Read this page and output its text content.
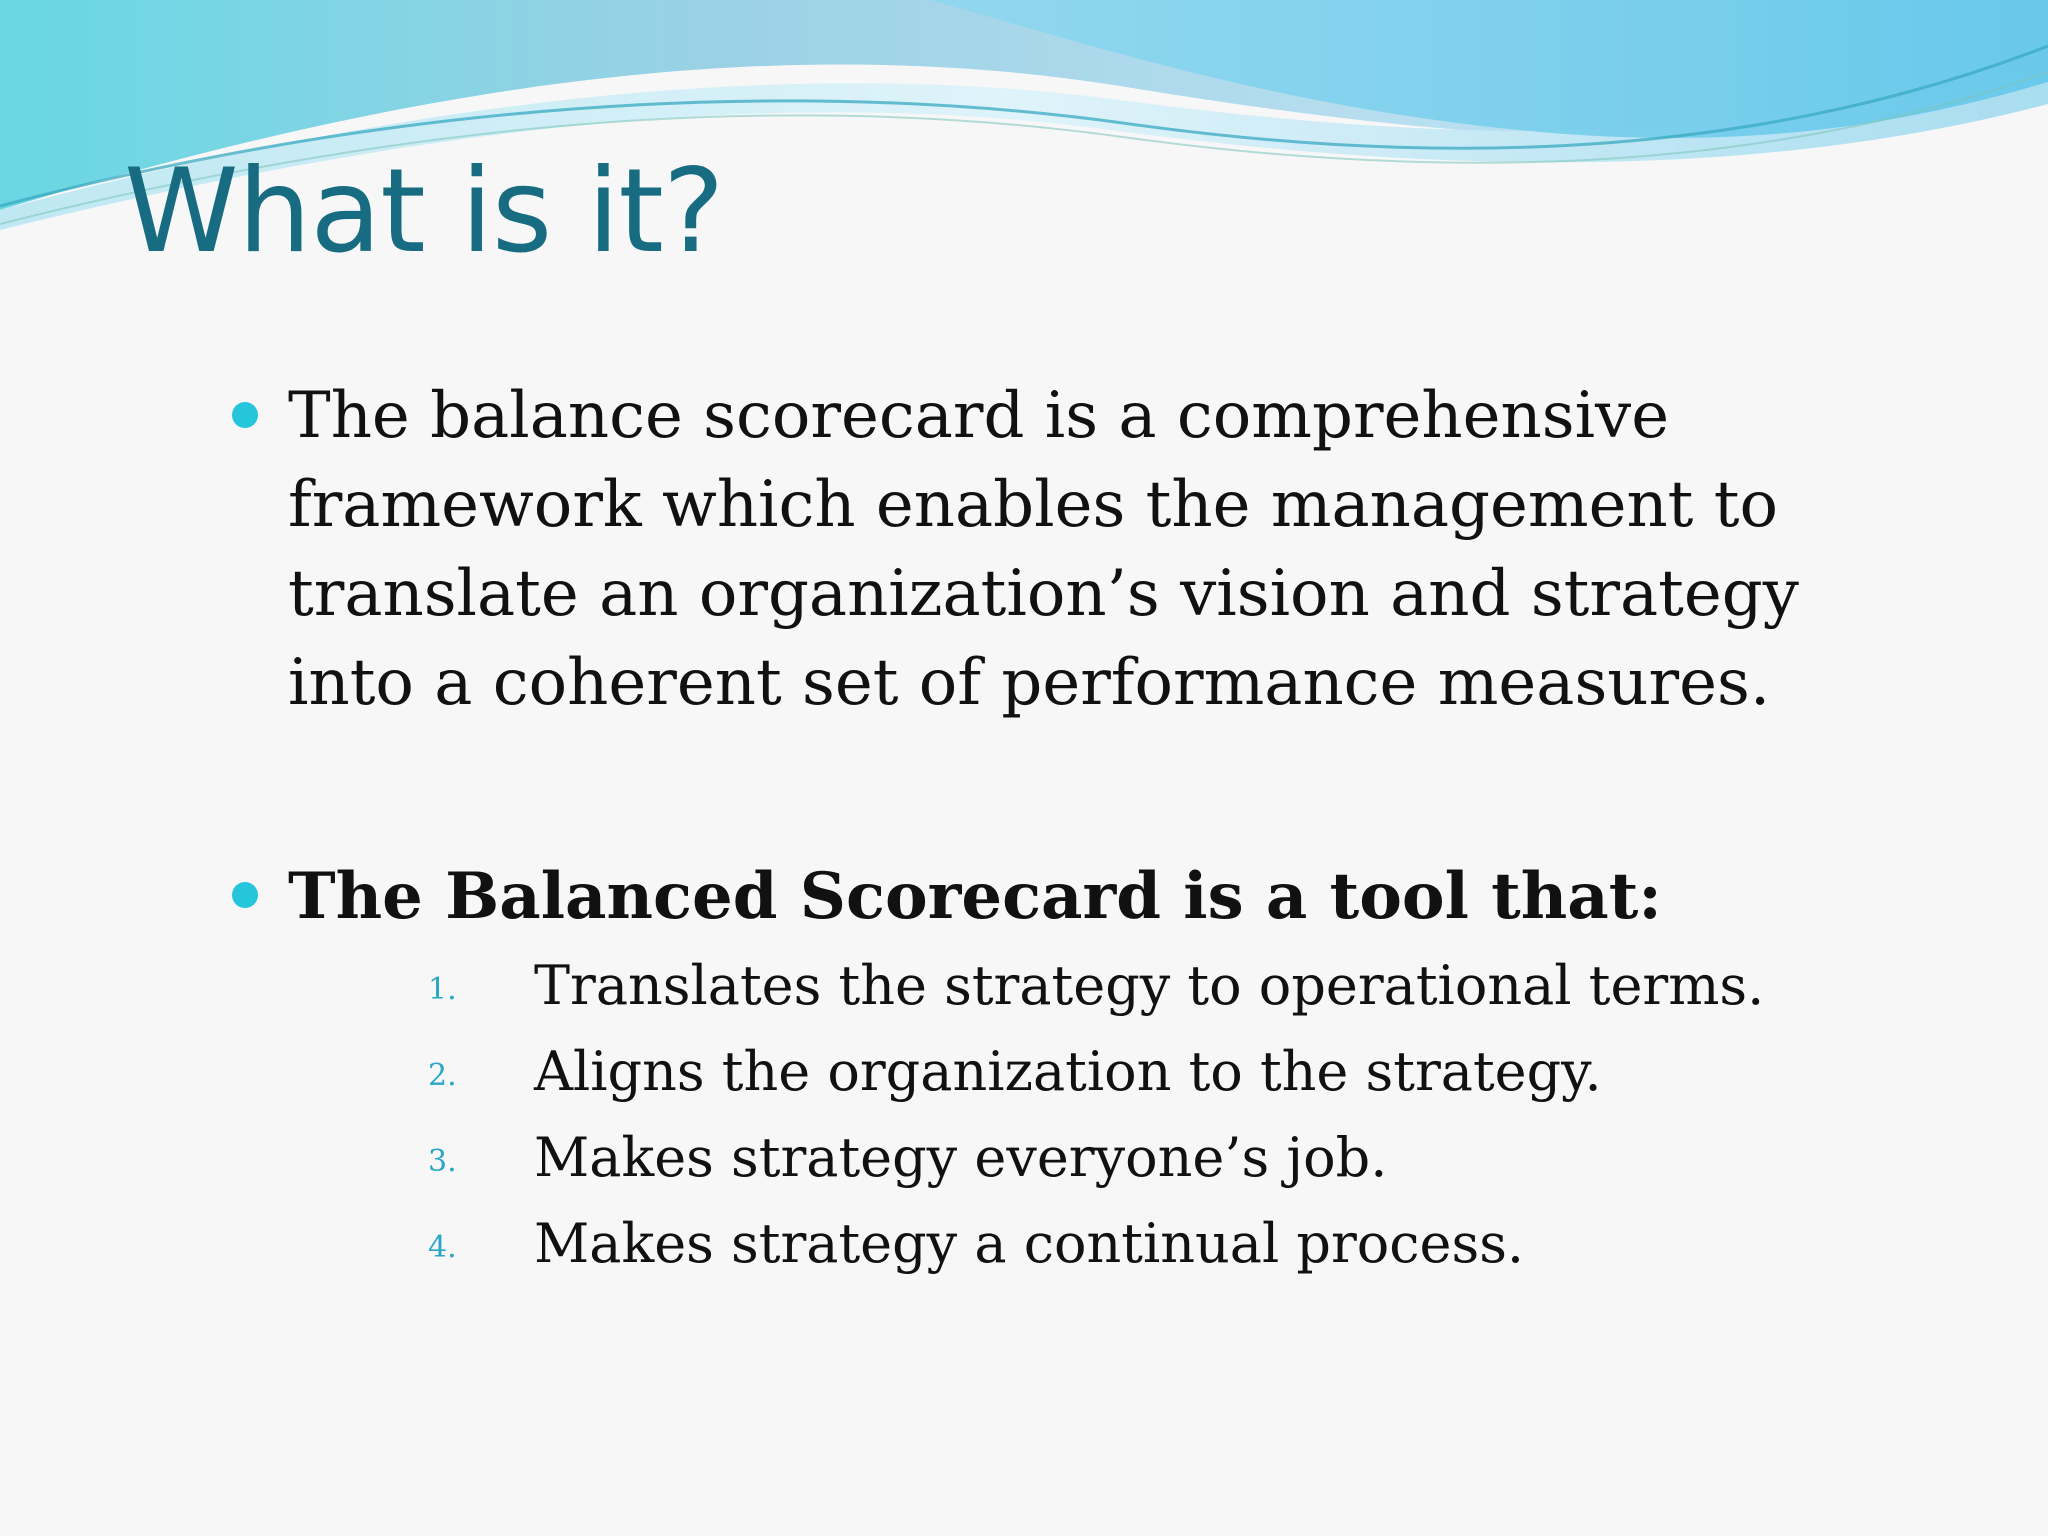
What is it?

The balance scorecard is a comprehensive framework which enables the management to translate an organization’s vision and strategy into a coherent set of performance measures.

The Balanced Scorecard is a tool that:

1. Translates the strategy to operational terms.
2. Aligns the organization to the strategy.
3. Makes strategy everyone’s job.
4. Makes strategy a continual process.
